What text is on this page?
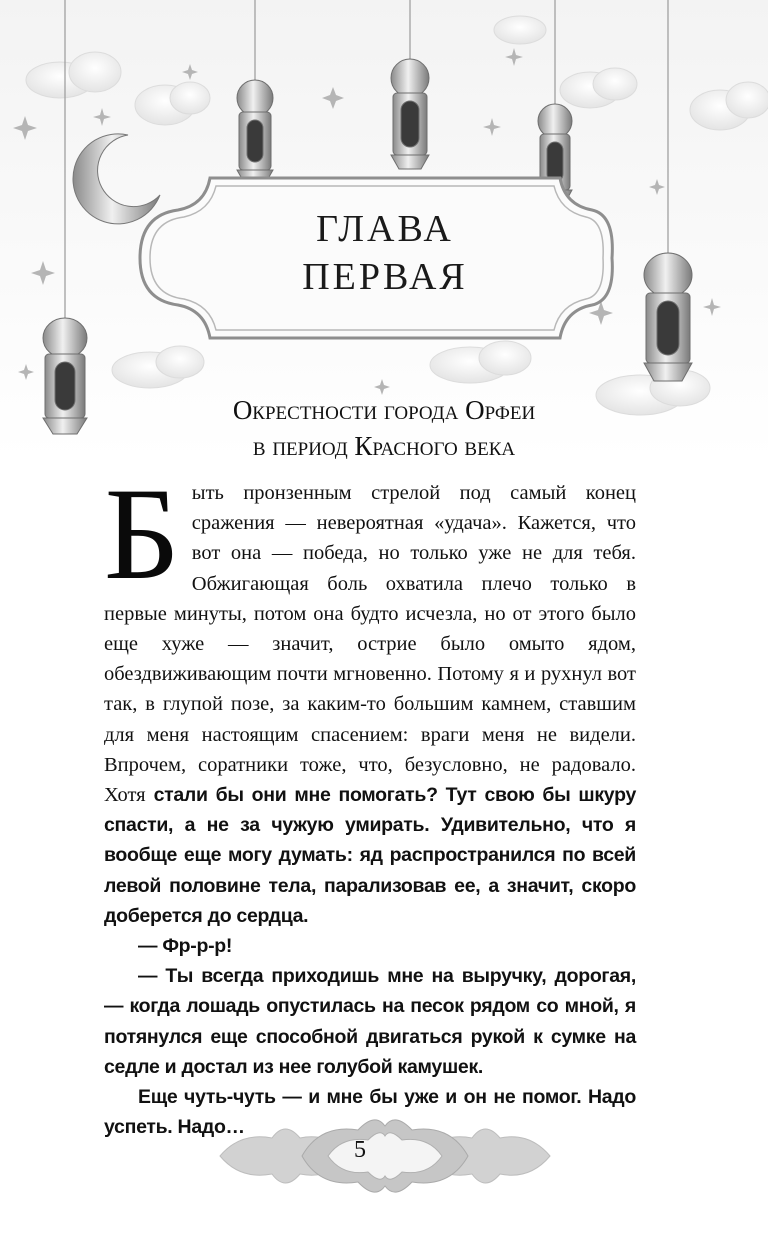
ГЛАВА
ПЕРВАЯ
Окрестности города Орфеи
в период Красного века

Быть пронзенным стрелой под самый конец сражения — невероятная «удача». Кажется, что вот она — победа, но только уже не для тебя. Обжигающая боль охватила плечо только в первые минуты, потом она будто исчезла, но от этого было еще хуже — значит, острие было омыто ядом, обездвиживающим почти мгновенно. Потому я и рухнул вот так, в глупой позе, за каким-то большим камнем, ставшим для меня настоящим спасением: враги меня не видели. Впрочем, соратники тоже, что, безусловно, не радовало. Хотя стали бы они мне помогать? Тут свою бы шкуру спасти, а не за чужую умирать. Удивительно, что я вообще еще могу думать: яд распространился по всей левой половине тела, парализовав ее, а значит, скоро доберется до сердца.

— Фр-р-р!

— Ты всегда приходишь мне на выручку, дорогая, — когда лошадь опустилась на песок рядом со мной, я потянулся еще способной двигаться рукой к сумке на седле и достал из нее голубой камушек.

Еще чуть-чуть — и мне бы уже и он не помог. Надо успеть. Надо…

5
